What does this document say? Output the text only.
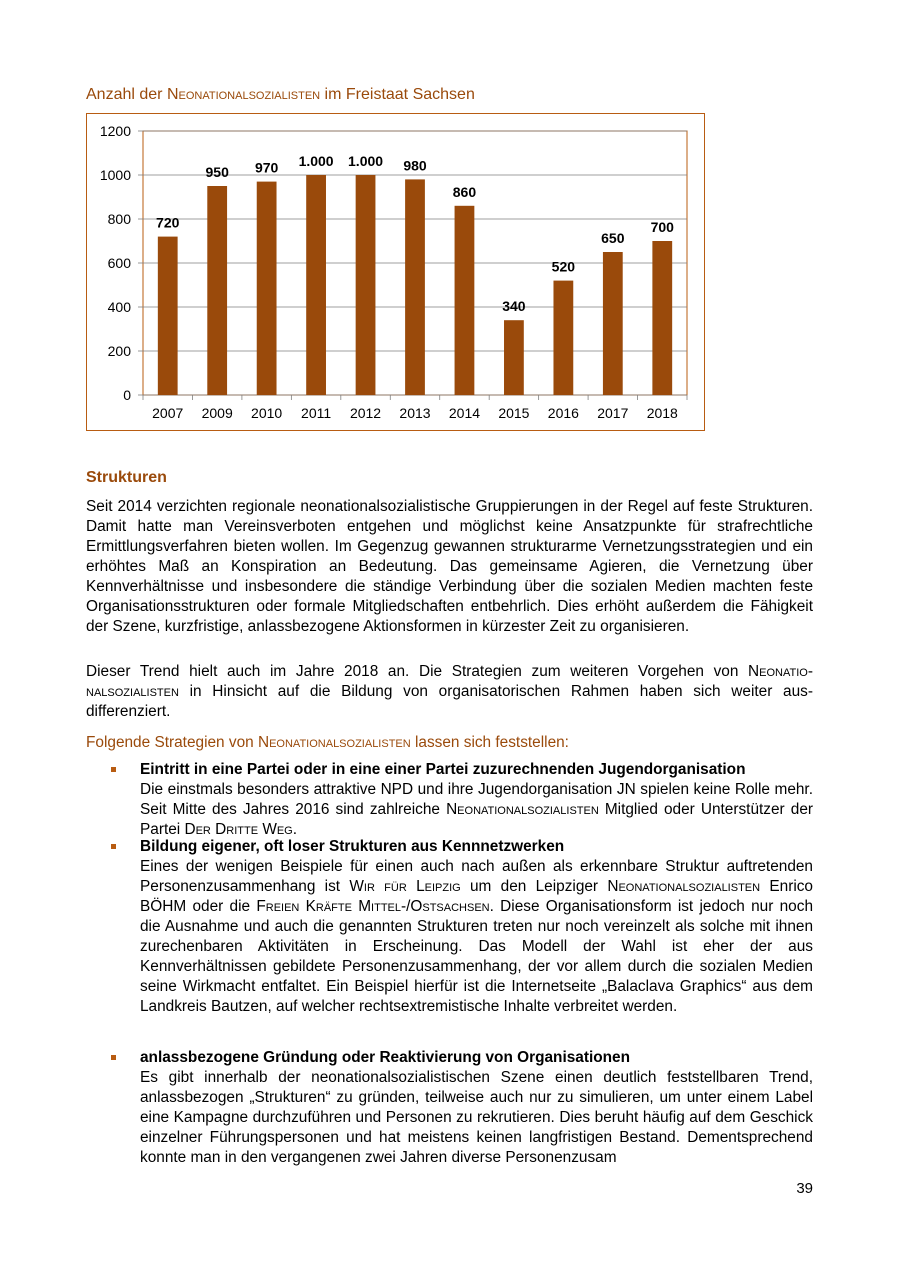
Anzahl der Neonationalsozialisten im Freistaat Sachsen
0
200
400
600
800
1000
1200
720
2007
950
2009
970
2010
1.000
2011
1.000
2012
980
2013
860
2014
340
2015
520
2016
650
2017
700
2018
Strukturen
Seit 2014 verzichten regionale neonationalsozialistische Gruppierungen in der Regel auf feste Strukturen. Damit hatte man Vereinsverboten entgehen und möglichst keine Ansatzpunkte für strafrechtliche Ermittlungsverfahren bieten wollen. Im Gegenzug gewannen strukturarme Vernetzungsstrategien und ein erhöhtes Maß an Konspiration an Bedeutung. Das gemeinsame Agieren, die Vernetzung über Kennverhältnisse und insbesondere die ständige Verbindung über die sozialen Medien machten feste Organisationsstrukturen oder formale Mitgliedschaften entbehrlich. Dies erhöht außerdem die Fähigkeit der Szene, kurzfristige, anlassbezogene Aktionsformen in kürzester Zeit zu organisieren.
Dieser Trend hielt auch im Jahre 2018 an. Die Strategien zum weiteren Vorgehen von Neonationalsozialisten in Hinsicht auf die Bildung von organisatorischen Rahmen haben sich weiter ausdifferenziert.
Folgende Strategien von Neonationalsozialisten lassen sich feststellen:
Eintritt in eine Partei oder in eine einer Partei zuzurechnenden Jugendorganisation
Die einstmals besonders attraktive NPD und ihre Jugendorganisation JN spielen keine Rolle mehr. Seit Mitte des Jahres 2016 sind zahlreiche Neonationalsozialisten Mitglied oder Unterstützer der Partei Der Dritte Weg.
Bildung eigener, oft loser Strukturen aus Kennnetzwerken
Eines der wenigen Beispiele für einen auch nach außen als erkennbare Struktur auftretenden Personenzusammenhang ist Wir für Leipzig um den Leipziger Neonationalsozialisten Enrico BÖHM oder die Freien Kräfte Mittel-/Ostsachsen. Diese Organisationsform ist jedoch nur noch die Ausnahme und auch die genannten Strukturen treten nur noch vereinzelt als solche mit ihnen zurechenbaren Aktivitäten in Erscheinung. Das Modell der Wahl ist eher der aus Kennverhältnissen gebildete Personenzusammenhang, der vor allem durch die sozialen Medien seine Wirkmacht entfaltet. Ein Beispiel hierfür ist die Internetseite „Balaclava Graphics“ aus dem Landkreis Bautzen, auf welcher rechtsextremistische Inhalte verbreitet werden.
anlassbezogene Gründung oder Reaktivierung von Organisationen
Es gibt innerhalb der neonationalsozialistischen Szene einen deutlich feststellbaren Trend, anlassbezogen „Strukturen“ zu gründen, teilweise auch nur zu simulieren, um unter einem Label eine Kampagne durchzuführen und Personen zu rekrutieren. Dies beruht häufig auf dem Geschick einzelner Führungspersonen und hat meistens keinen langfristigen Bestand. Dementsprechend konnte man in den vergangenen zwei Jahren diverse Personenzusam
39
